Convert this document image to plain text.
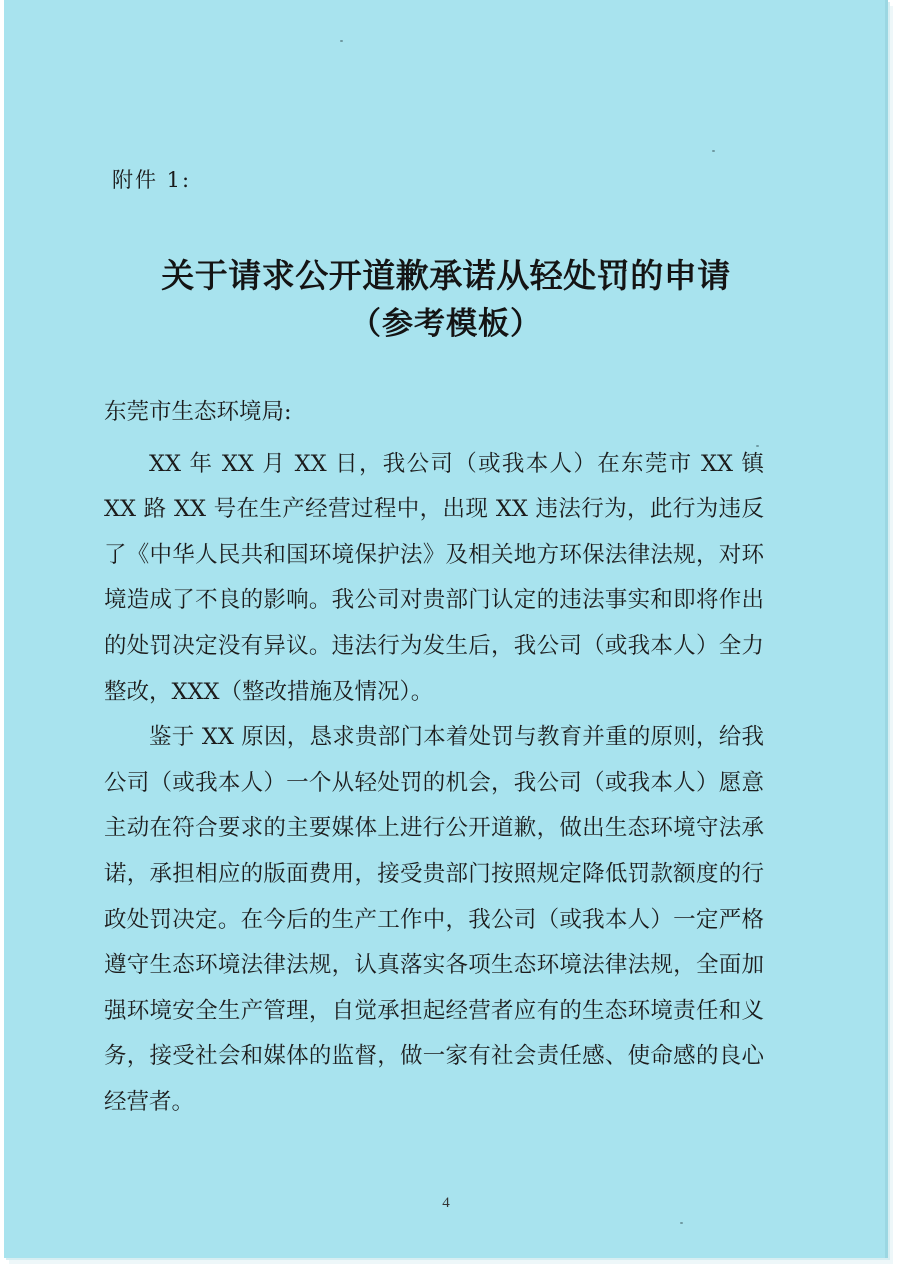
附件 1:
关于请求公开道歉承诺从轻处罚的申请
（参考模板）

东莞市生态环境局:

XX 年 XX 月 XX 日，我公司（或我本人）在东莞市 XX 镇XX 路 XX 号在生产经营过程中，出现 XX 违法行为，此行为违反了《中华人民共和国环境保护法》及相关地方环保法律法规，对环境造成了不良的影响。我公司对贵部门认定的违法事实和即将作出的处罚决定没有异议。违法行为发生后，我公司（或我本人）全力整改，XXX（整改措施及情况）。

鉴于 XX 原因，恳求贵部门本着处罚与教育并重的原则，给我公司（或我本人）一个从轻处罚的机会，我公司（或我本人）愿意主动在符合要求的主要媒体上进行公开道歉，做出生态环境守法承诺，承担相应的版面费用，接受贵部门按照规定降低罚款额度的行政处罚决定。在今后的生产工作中，我公司（或我本人）一定严格遵守生态环境法律法规，认真落实各项生态环境法律法规，全面加强环境安全生产管理，自觉承担起经营者应有的生态环境责任和义务，接受社会和媒体的监督，做一家有社会责任感、使命感的良心经营者。

4
